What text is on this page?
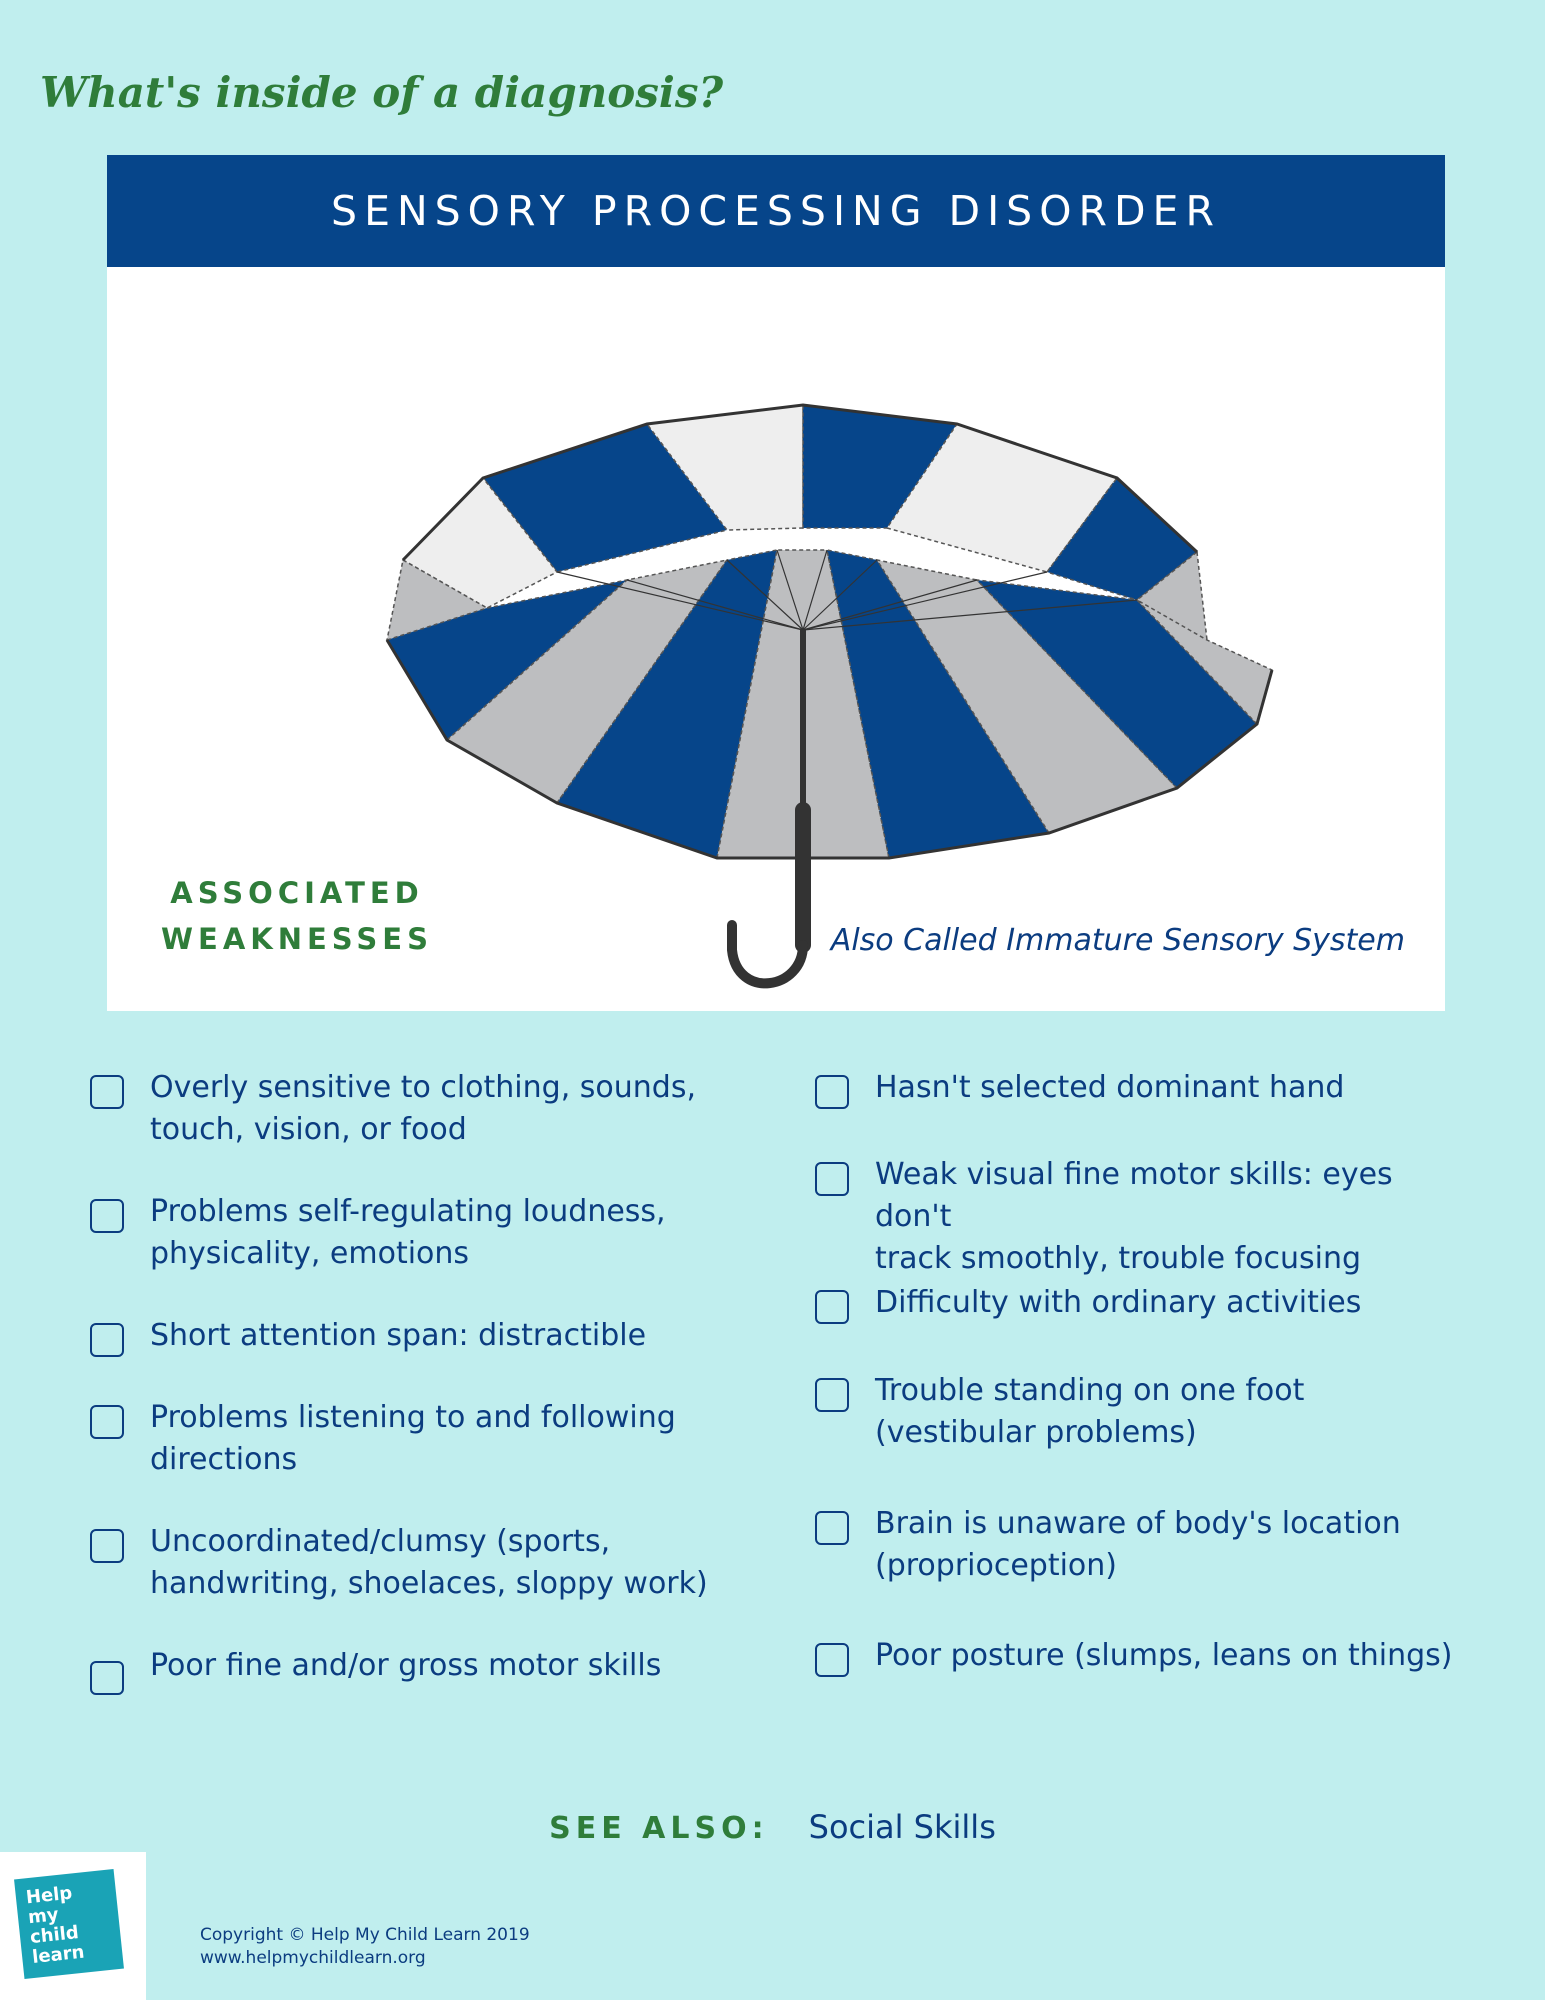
What's inside of a diagnosis?
SENSORY PROCESSING DISORDER
ASSOCIATED
WEAKNESSES	Also Called Immature Sensory System
Overly sensitive to clothing, sounds,
touch, vision, or food
Problems self-regulating loudness,
physicality, emotions
Short attention span: distractible
Problems listening to and following
directions
Uncoordinated/clumsy (sports,
handwriting, shoelaces, sloppy work)
Poor fine and/or gross motor skills
Hasn't selected dominant hand
Weak visual fine motor skills: eyes don't
track smoothly, trouble focusing
Difficulty with ordinary activities
Trouble standing on one foot
(vestibular problems)
Brain is unaware of body's location
(proprioception)
Poor posture (slumps, leans on things)
SEE ALSO: Social Skills
Help my
child
learn
Copyright © Help My Child Learn 2019
www.helpmychildlearn.org
